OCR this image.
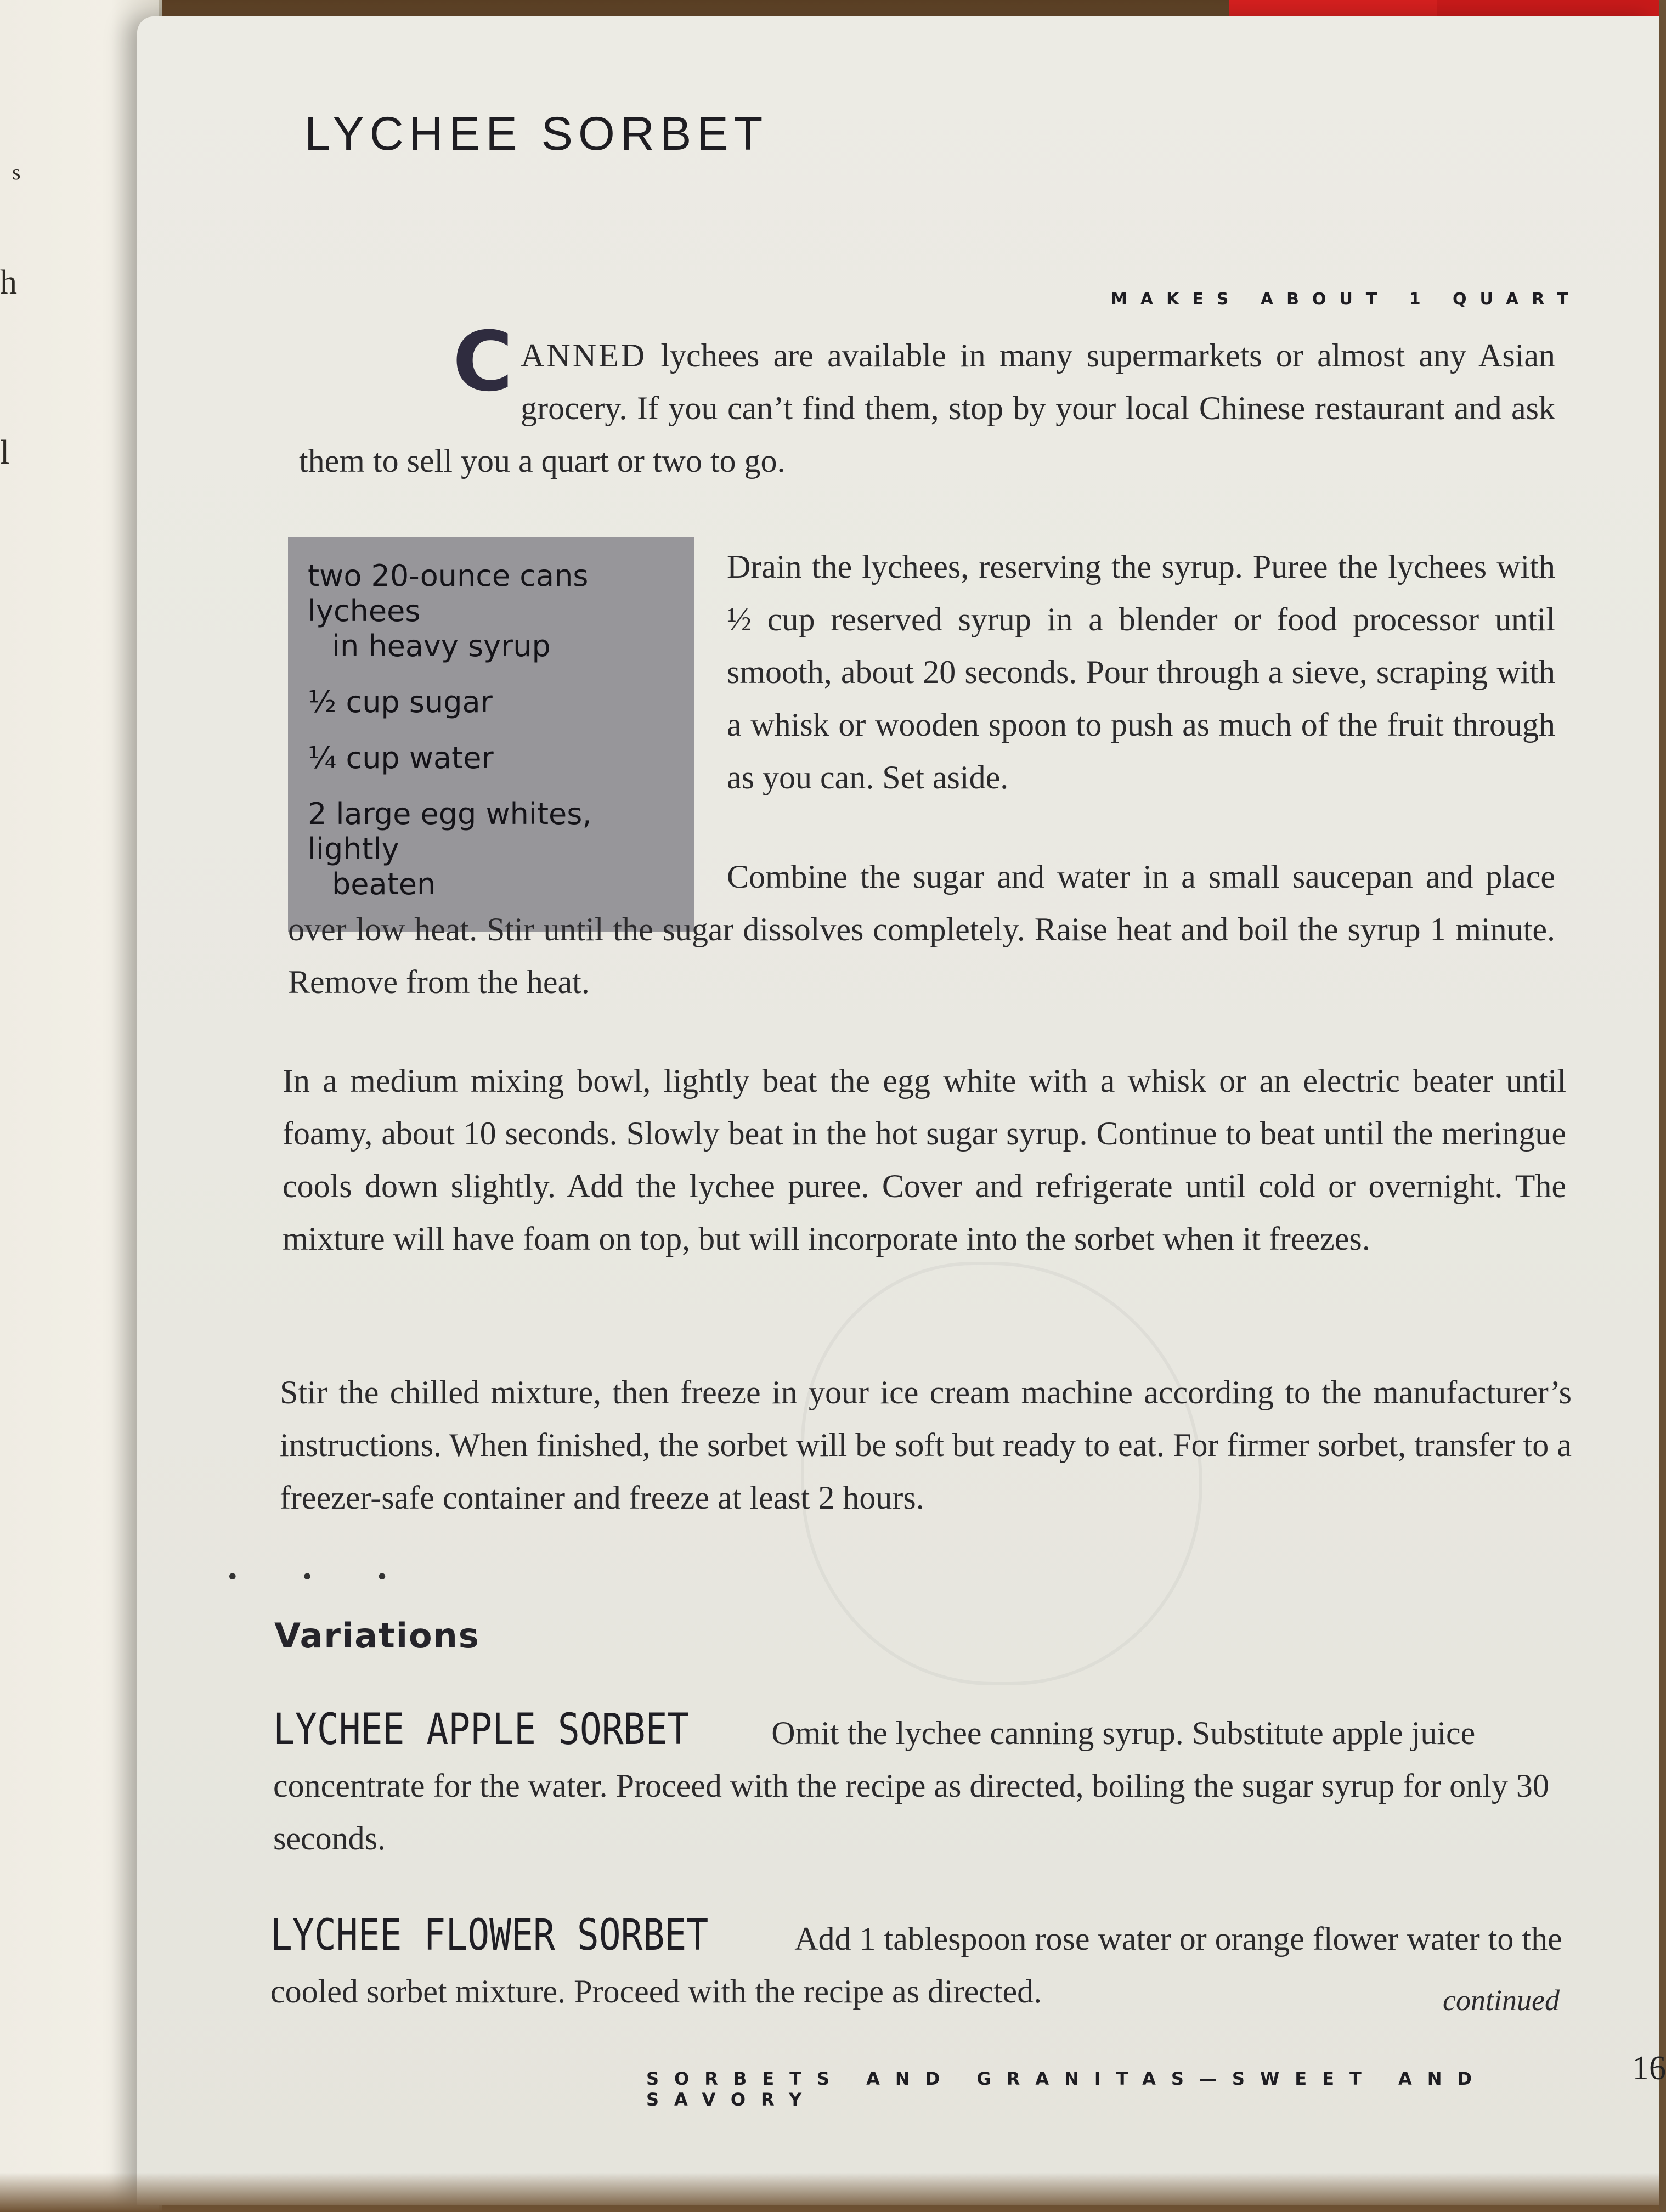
s
h
l
LYCHEE SORBET
MAKES ABOUT 1 QUART
CANNED lychees are available in many supermarkets or almost any Asian grocery. If you can’t find them, stop by your local Chinese restaurant and ask them to sell you a quart or two to go.
two 20-ounce cans lychees
in heavy syrup
½ cup sugar
¼ cup water
2 large egg whites, lightly
beaten
Drain the lychees, reserving the syrup. Puree the lychees with ½ cup reserved syrup in a blender or food processor until smooth, about 20 seconds. Pour through a sieve, scraping with a whisk or wooden spoon to push as much of the fruit through as you can. Set aside.
Combine the sugar and water in a small saucepan and place over low heat. Stir until the sugar dissolves completely. Raise heat and boil the syrup 1 minute. Remove from the heat.
In a medium mixing bowl, lightly beat the egg white with a whisk or an electric beater until foamy, about 10 seconds. Slowly beat in the hot sugar syrup. Continue to beat until the meringue cools down slightly. Add the lychee puree. Cover and refrigerate until cold or overnight. The mixture will have foam on top, but will incorporate into the sorbet when it freezes.
Stir the chilled mixture, then freeze in your ice cream machine according to the manufacturer’s instructions. When finished, the sorbet will be soft but ready to eat. For firmer sorbet, transfer to a freezer-safe container and freeze at least 2 hours.
• • •
Variations
LYCHEE APPLE SORBET Omit the lychee canning syrup. Substitute apple juice concentrate for the water. Proceed with the recipe as directed, boiling the sugar syrup for only 30 seconds.
LYCHEE FLOWER SORBET	Add 1 tablespoon rose water or orange flower water to the cooled sorbet mixture. Proceed with the recipe as directed.	continued
SORBETS AND GRANITAS—SWEET AND SAVORY
16
